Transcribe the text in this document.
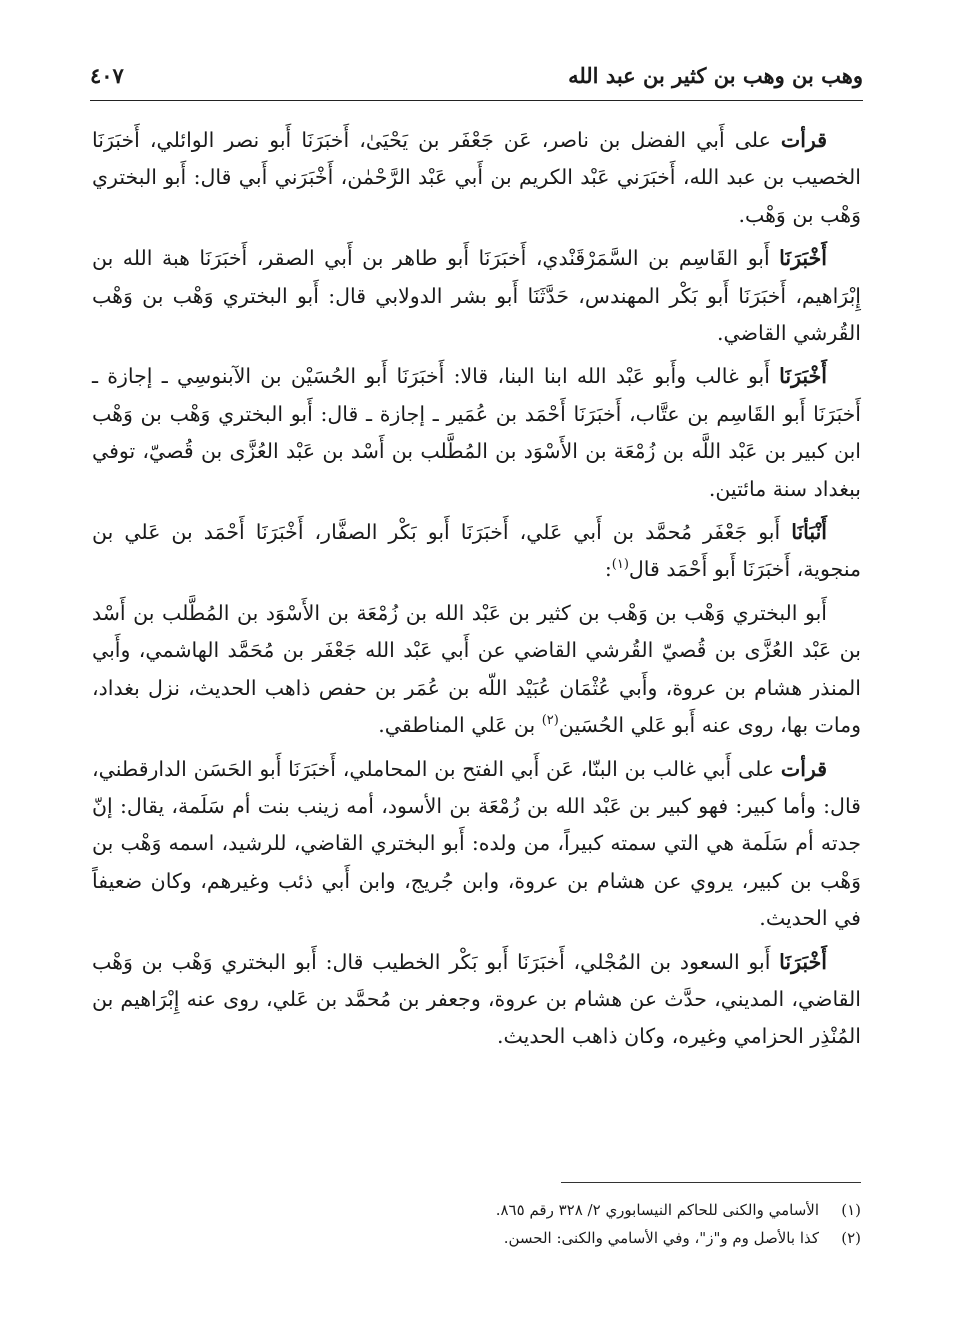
وهب بن وهب بن كثير بن عبد الله
٤٠٧

قرأت على أَبي الفضل بن ناصر، عَن جَعْفَر بن يَحْيَىٰ، أَخبَرَنَا أَبو نصر الوائلي، أَخبَرَنَا الخصيب بن عبد الله، أَخبَرَني عَبْد الكريم بن أَبي عَبْد الرَّحْمٰن، أَخْبَرَني أَبي قال: أَبو البختري وَهْب بن وَهْب.

أَخْبَرَنَا أَبو القَاسِم بن السَّمَرْقَنْدي، أَخبَرَنَا أَبو طاهر بن أَبي الصقر، أَخبَرَنَا هبة الله بن إِبْرَاهيم، أَخبَرَنَا أَبو بَكْر المهندس، حَدَّثَنَا أَبو بشر الدولابي قال: أَبو البختري وَهْب بن وَهْب القُرشي القاضي.

أَخْبَرَنَا أَبو غالب وأَبو عَبْد الله ابنا البنا، قالا: أَخبَرَنَا أَبو الحُسَيْن بن الآبنوسِي ـ إجازة ـ أَخبَرَنَا أَبو القَاسِم بن عتَّاب، أَخبَرَنَا أَحْمَد بن عُمَير ـ إجازة ـ قال: أَبو البختري وَهْب بن وَهْب ابن كبير بن عَبْد اللَّه بن زُمْعَة بن الأَسْوَد بن المُطَّلب بن أَسْد بن عَبْد العُزَّى بن قُصيّ، توفي ببغداد سنة مائتين.

أَنْبَأنَا أَبو جَعْفَر مُحمَّد بن أَبي عَلي، أَخبَرَنَا أَبو بَكْر الصفَّار، أَخْبَرَنَا أَحْمَد بن عَلي بن منجوية، أَخبَرَنَا أَبو أَحْمَد قال$^{(١)}$:

أَبو البختري وَهْب بن وَهْب بن كثير بن عَبْد الله بن زُمْعَة بن الأَسْوَد بن المُطَّلب بن أَسْد بن عَبْد العُزَّى بن قُصيّ القُرشي القاضي عن أَبي عَبْد الله جَعْفَر بن مُحَمَّد الهاشمي، وأَبي المنذر هشام بن عروة، وأَبي عُثْمَان عُبَيْد اللّه بن عُمَر بن حفص ذاهب الحديث، نزل بغداد، ومات بها، روى عنه أَبو عَلي الحُسَين$^{(٢)}$ بن عَلي المناطقي.

قرأت على أَبي غالب بن البنّا، عَن أَبي الفتح بن المحاملي، أَخبَرَنَا أَبو الحَسَن الدارقطني، قال: وأما كبير: فهو كبير بن عَبْد الله بن زُمْعَة بن الأسود، أمه زينب بنت أم سَلَمة، يقال: إنّ جدته أم سَلَمة هي التي سمته كبيراً، من ولده: أَبو البختري القاضي، للرشيد، اسمه وَهْب بن وَهْب بن كبير، يروي عن هشام بن عروة، وابن جُريج، وابن أَبي ذئب وغيرهم، وكان ضعيفاً في الحديث.

أَخْبَرَنَا أَبو السعود بن المُجْلي، أَخبَرَنَا أَبو بَكْر الخطيب قال: أَبو البختري وَهْب بن وَهْب القاضي، المديني، حدَّث عن هشام بن عروة، وجعفر بن مُحمَّد بن عَلي، روى عنه إِبْرَاهيم بن المُنْذِر الحزامي وغيره، وكان ذاهب الحديث.

(١)الأسامي والكنى للحاكم النيسابوري ٢/ ٣٢٨ رقم ٨٦٥.

(٢)كذا بالأصل وم و"ز"، وفي الأسامي والكنى: الحسن.
